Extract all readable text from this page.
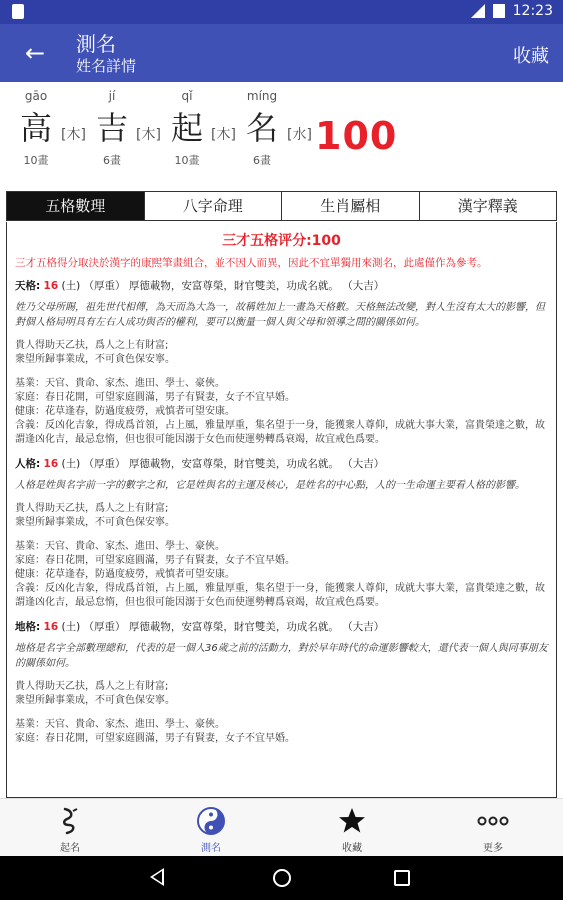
12:23
← 測名
姓名詳情	收藏
gāo
高
10畫
[木]
jí
吉
6畫
[木]
qǐ
起
10畫
[木]
míng
名
6畫
[水] 100
五格數理	八字命理	生肖屬相	漢字釋義
三才五格评分:100
三才五格得分取決於漢字的康熙筆畫組合，並不因人而異，因此不宜單獨用來測名，此處僅作為參考。
天格: 16 (土) （厚重） 厚德載物，安富尊榮，財官雙美，功成名就。 （大吉）
姓乃父母所賜，祖先世代相傳，為天而為大為一，故稱姓加上一畫為天格數。天格無法改變，對人生沒有太大的影響，但對個人格局明具有左右人成功與否的權利，要可以衡量一個人與父母和領導之間的關係如何。
貴人得助天乙扶，爲人之上有財富;
衆望所歸事業成，不可貪色保安寧。
基業：天官、貴命、家杰、進田、學士、豪俠。
家庭：春日花開，可望家庭圓滿，男子有賢妻，女子不宜早婚。
健康：花草逢春，防過度疲勞，戒慎者可望安康。
含義：反凶化吉象，得成爲首領，占上風，雅量厚重，集名望于一身，能獲衆人尊仰，成就大事大業，富貴榮達之數，故謂逢凶化吉，最忌怠惰，但也很可能因溺于女色而使運勢轉爲衰竭，故宜戒色爲要。
人格: 16 (土) （厚重） 厚德載物，安富尊榮，財官雙美，功成名就。 （大吉）
人格是姓與名字前一字的數字之和，它是姓與名的主運及核心，是姓名的中心點，人的一生命運主要看人格的影響。
貴人得助天乙扶，爲人之上有財富;
衆望所歸事業成，不可貪色保安寧。
基業：天官、貴命、家杰、進田、學士、豪俠。
家庭：春日花開，可望家庭圓滿，男子有賢妻，女子不宜早婚。
健康：花草逢春，防過度疲勞，戒慎者可望安康。
含義：反凶化吉象，得成爲首領，占上風，雅量厚重，集名望于一身，能獲衆人尊仰，成就大事大業，富貴榮達之數，故謂逢凶化吉，最忌怠惰，但也很可能因溺于女色而使運勢轉爲衰竭，故宜戒色爲要。
地格: 16 (土) （厚重） 厚德載物，安富尊榮，財官雙美，功成名就。 （大吉）
地格是名字全部數理總和，代表的是一個人36歲之前的活動力，對於早年時代的命運影響較大，還代表一個人與同事朋友的關係如何。
貴人得助天乙扶，爲人之上有財富;
衆望所歸事業成，不可貪色保安寧。
基業：天官、貴命、家杰、進田、學士、豪俠。
家庭：春日花開，可望家庭圓滿，男子有賢妻，女子不宜早婚。
起名	測名	收藏	更多
